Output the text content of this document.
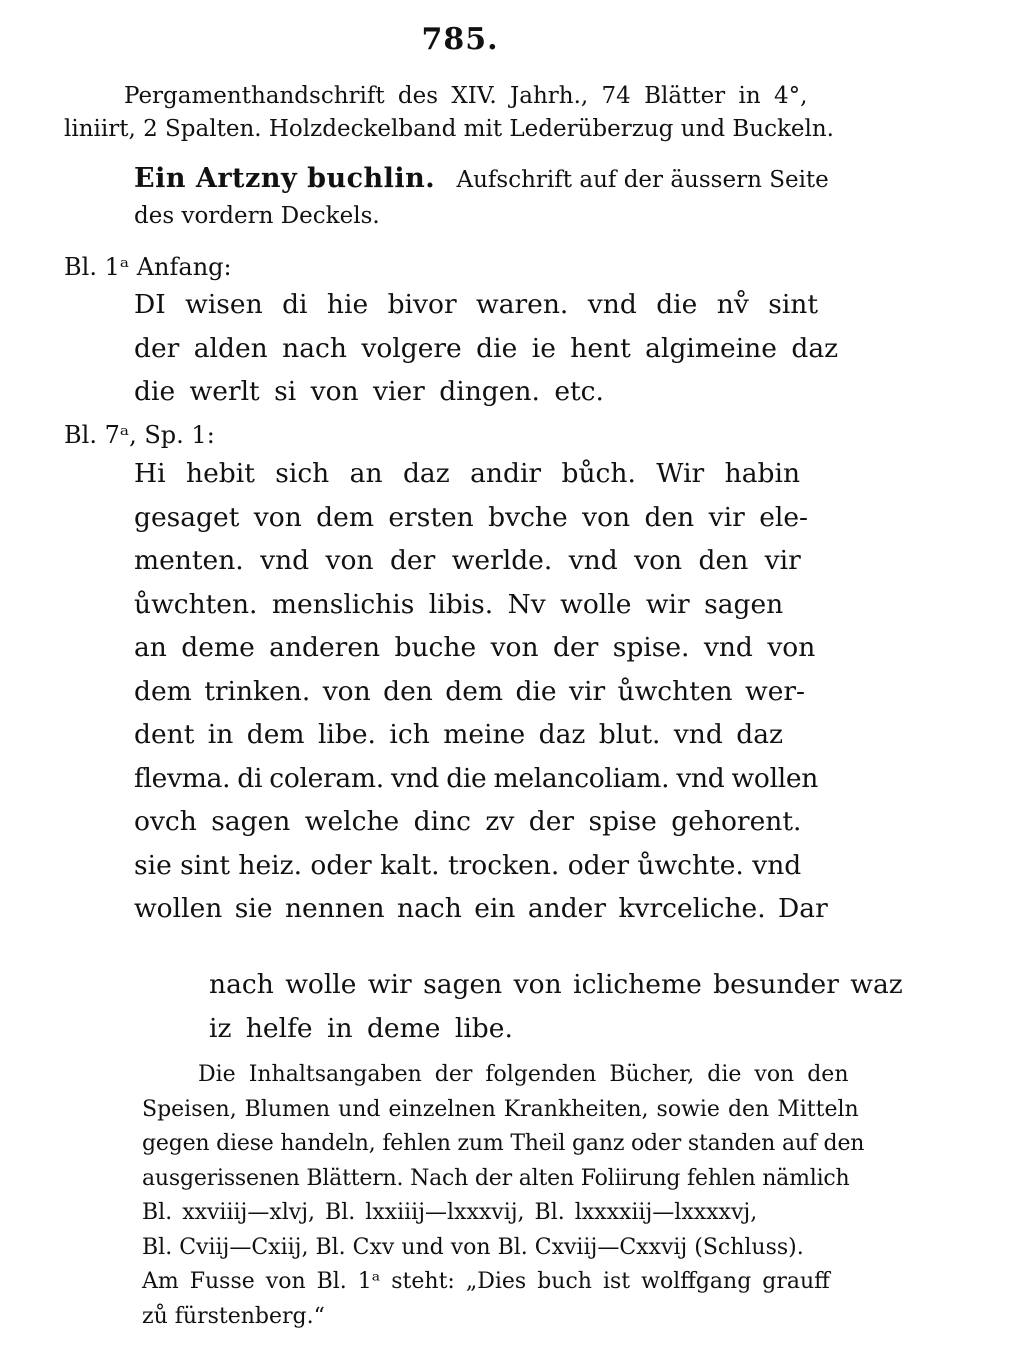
785.
Pergamenthandschrift des XIV. Jahrh., 74 Blätter in 4°,
liniirt, 2 Spalten. Holzdeckelband mit Lederüberzug und Buckeln.
Ein Artzny buchlin. Aufschrift auf der äussern Seite
des vordern Deckels.
Bl. 1ᵃ Anfang:
DI wisen di hie bivor waren. vnd die nv̊ sint
der alden nach volgere die ie hent algimeine daz
die werlt si von vier dingen. etc.
Bl. 7ᵃ, Sp. 1:
Hi hebit sich an daz andir bůch. Wir habin
gesaget von dem ersten bvche von den vir ele-
menten. vnd von der werlde. vnd von den vir
ůwchten. menslichis libis. Nv wolle wir sagen
an deme anderen buche von der spise. vnd von
dem trinken. von den dem die vir ůwchten wer-
dent in dem libe. ich meine daz blut. vnd daz
flevma. di coleram. vnd die melancoliam. vnd wollen
ovch sagen welche dinc zv der spise gehorent.
sie sint heiz. oder kalt. trocken. oder ůwchte. vnd
wollen sie nennen nach ein ander kvrceliche. Dar
nach wolle wir sagen von iclicheme besunder waz
iz helfe in deme libe.
Die Inhaltsangaben der folgenden Bücher, die von den
Speisen, Blumen und einzelnen Krankheiten, sowie den Mitteln
gegen diese handeln, fehlen zum Theil ganz oder standen auf den
ausgerissenen Blättern. Nach der alten Foliirung fehlen nämlich
Bl. xxviiij—xlvj, Bl. lxxiiij—lxxxvij, Bl. lxxxxiij—lxxxxvj,
Bl. Cviij—Cxiij, Bl. Cxv und von Bl. Cxviij—Cxxvij (Schluss).
Am Fusse von Bl. 1ᵃ steht: „Dies buch ist wolffgang grauff
zů fürstenberg.“
